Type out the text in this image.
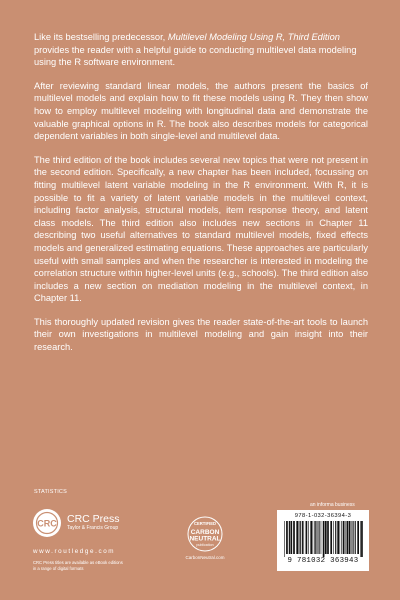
Like its bestselling predecessor, Multilevel Modeling Using R, Third Edition provides the reader with a helpful guide to conducting multilevel data modeling using the R software environment.

After reviewing standard linear models, the authors present the basics of multilevel models and explain how to fit these models using R. They then show how to employ multilevel modeling with longitudinal data and demonstrate the valuable graphical options in R. The book also describes models for categorical dependent variables in both single-level and multilevel data.

The third edition of the book includes several new topics that were not present in the second edition. Specifically, a new chapter has been included, focussing on fitting multilevel latent variable modeling in the R environment. With R, it is possible to fit a variety of latent variable models in the multilevel context, including factor analysis, structural models, item response theory, and latent class models. The third edition also includes new sections in Chapter 11 describing two useful alternatives to standard multilevel models, fixed effects models and generalized estimating equations. These approaches are particularly useful with small samples and when the researcher is interested in modeling the correlation structure within higher-level units (e.g., schools). The third edition also includes a new section on mediation modeling in the multilevel context, in Chapter 11.

This thoroughly updated revision gives the reader state-of-the-art tools to launch their own investigations in multilevel modeling and gain insight into their research.

STATISTICS
CRC CRC Press
Taylor & Francis Group
www.routledge.com
CRC Press titles are available as eBook editions
in a range of digital formats
CERTIFIED
CARBON
NEUTRAL
publication
CarbonNeutral.com
an informa business
978-1-032-36394-3
9 781032 363943
